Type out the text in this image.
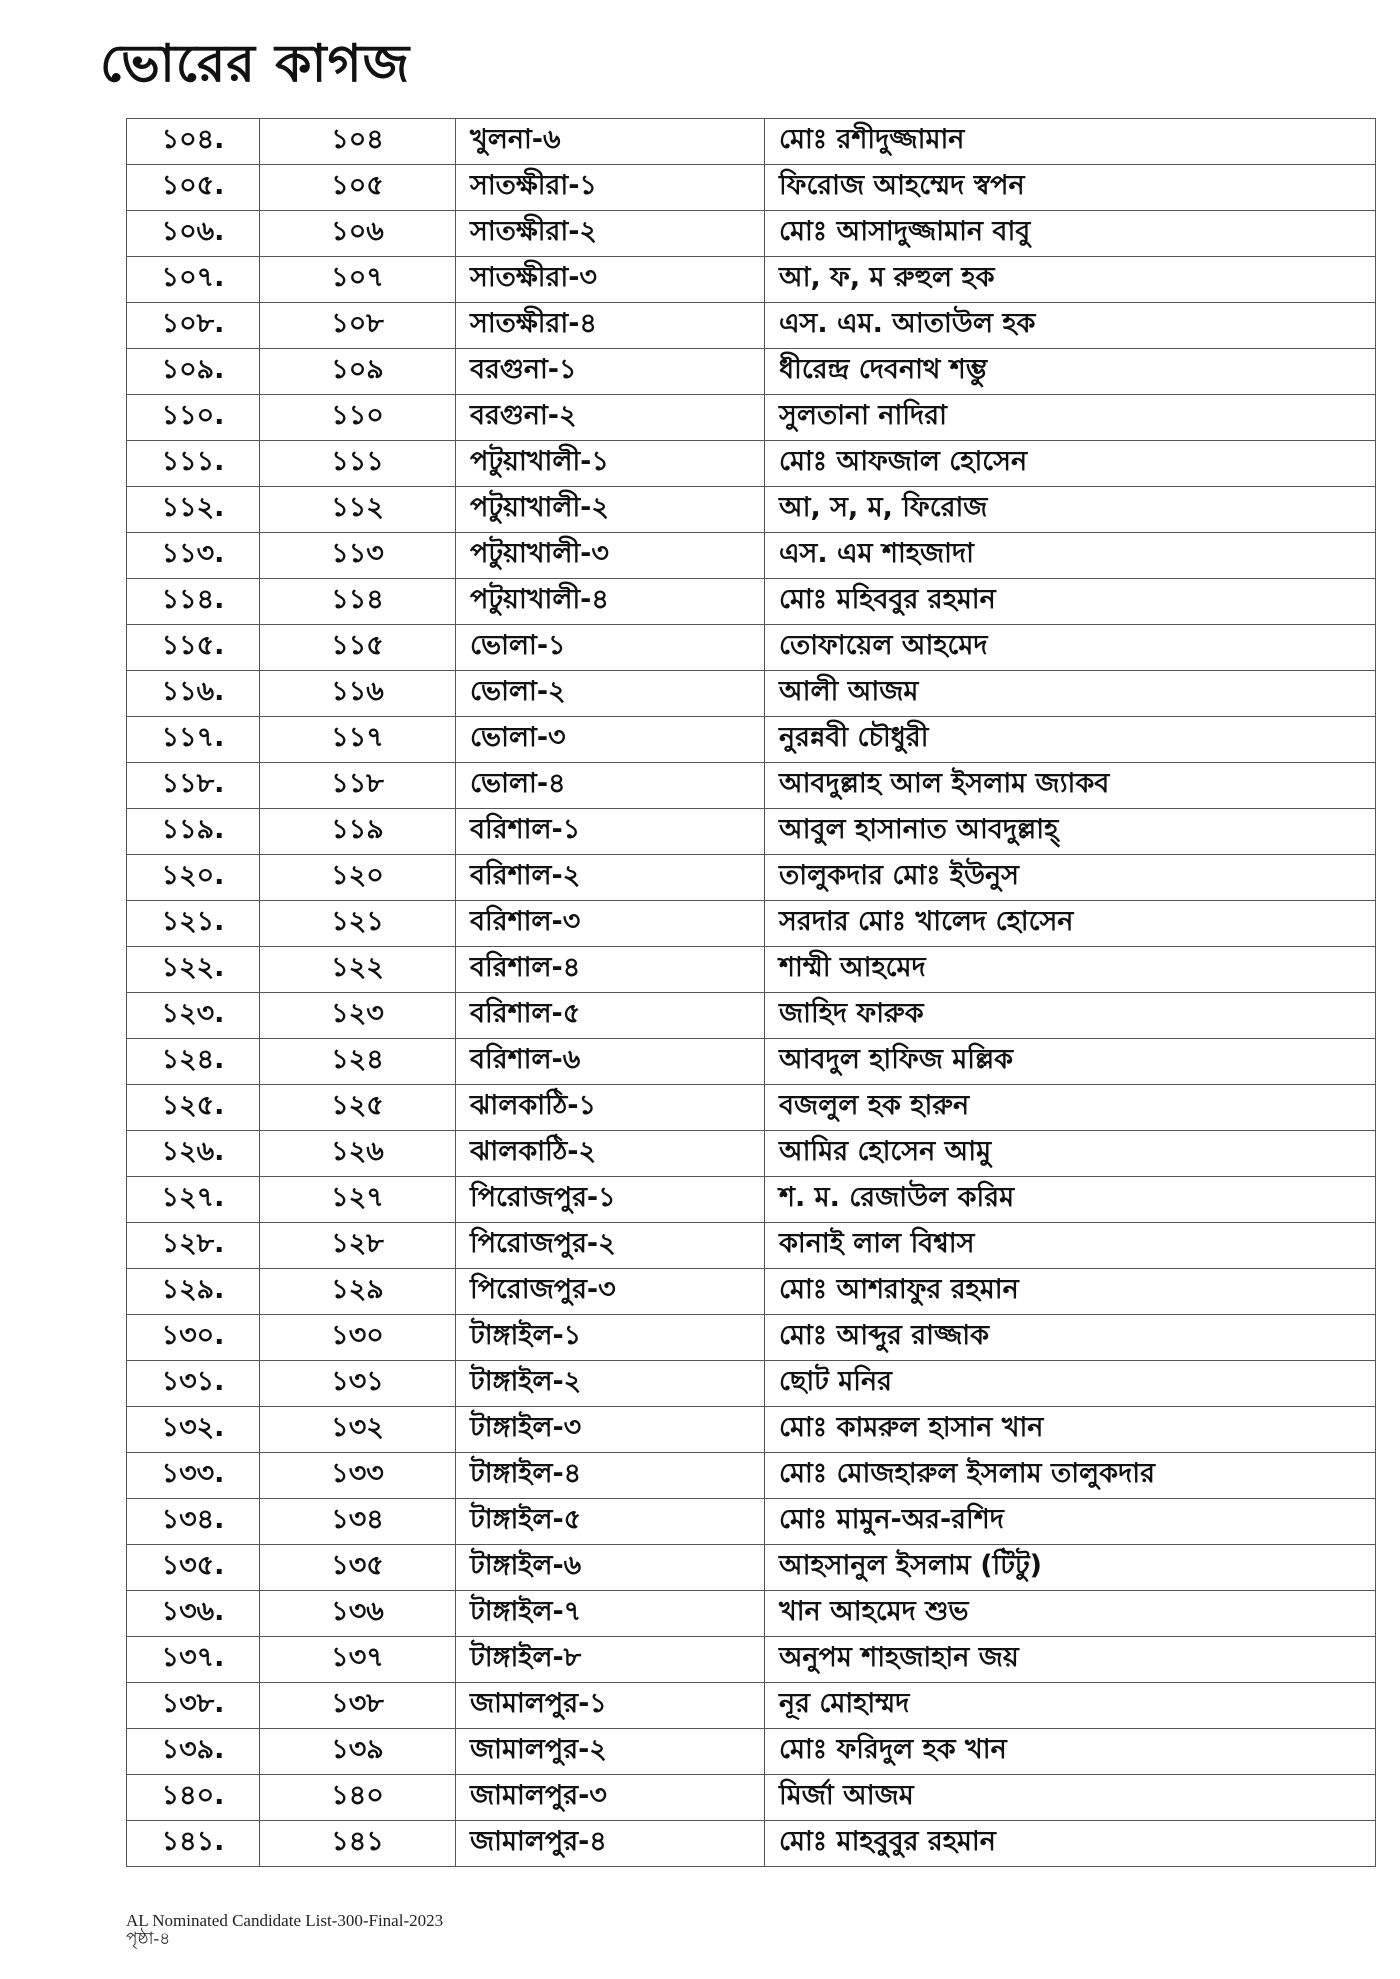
ভোরের কাগজ
১০৪.	১০৪	খুলনা-৬	মোঃ রশীদুজ্জামান
১০৫.	১০৫	সাতক্ষীরা-১	ফিরোজ আহম্মেদ স্বপন
১০৬.	১০৬	সাতক্ষীরা-২	মোঃ আসাদুজ্জামান বাবু
১০৭.	১০৭	সাতক্ষীরা-৩	আ, ফ, ম রুহুল হক
১০৮.	১০৮	সাতক্ষীরা-৪	এস. এম. আতাউল হক
১০৯.	১০৯	বরগুনা-১	ধীরেন্দ্র দেবনাথ শম্ভু
১১০.	১১০	বরগুনা-২	সুলতানা নাদিরা
১১১.	১১১	পটুয়াখালী-১	মোঃ আফজাল হোসেন
১১২.	১১২	পটুয়াখালী-২	আ, স, ম, ফিরোজ
১১৩.	১১৩	পটুয়াখালী-৩	এস. এম শাহজাদা
১১৪.	১১৪	পটুয়াখালী-৪	মোঃ মহিববুর রহমান
১১৫.	১১৫	ভোলা-১	তোফায়েল আহমেদ
১১৬.	১১৬	ভোলা-২	আলী আজম
১১৭.	১১৭	ভোলা-৩	নুরন্নবী চৌধুরী
১১৮.	১১৮	ভোলা-৪	আবদুল্লাহ আল ইসলাম জ্যাকব
১১৯.	১১৯	বরিশাল-১	আবুল হাসানাত আবদুল্লাহ্
১২০.	১২০	বরিশাল-২	তালুকদার মোঃ ইউনুস
১২১.	১২১	বরিশাল-৩	সরদার মোঃ খালেদ হোসেন
১২২.	১২২	বরিশাল-৪	শাম্মী আহমেদ
১২৩.	১২৩	বরিশাল-৫	জাহিদ ফারুক
১২৪.	১২৪	বরিশাল-৬	আবদুল হাফিজ মল্লিক
১২৫.	১২৫	ঝালকাঠি-১	বজলুল হক হারুন
১২৬.	১২৬	ঝালকাঠি-২	আমির হোসেন আমু
১২৭.	১২৭	পিরোজপুর-১	শ. ম. রেজাউল করিম
১২৮.	১২৮	পিরোজপুর-২	কানাই লাল বিশ্বাস
১২৯.	১২৯	পিরোজপুর-৩	মোঃ আশরাফুর রহমান
১৩০.	১৩০	টাঙ্গাইল-১	মোঃ আব্দুর রাজ্জাক
১৩১.	১৩১	টাঙ্গাইল-২	ছোট মনির
১৩২.	১৩২	টাঙ্গাইল-৩	মোঃ কামরুল হাসান খান
১৩৩.	১৩৩	টাঙ্গাইল-৪	মোঃ মোজহারুল ইসলাম তালুকদার
১৩৪.	১৩৪	টাঙ্গাইল-৫	মোঃ মামুন-অর-রশিদ
১৩৫.	১৩৫	টাঙ্গাইল-৬	আহসানুল ইসলাম (টিটু)
১৩৬.	১৩৬	টাঙ্গাইল-৭	খান আহমেদ শুভ
১৩৭.	১৩৭	টাঙ্গাইল-৮	অনুপম শাহজাহান জয়
১৩৮.	১৩৮	জামালপুর-১	নূর মোহাম্মদ
১৩৯.	১৩৯	জামালপুর-২	মোঃ ফরিদুল হক খান
১৪০.	১৪০	জামালপুর-৩	মির্জা আজম
১৪১.	১৪১	জামালপুর-৪	মোঃ মাহবুবুর রহমান
AL Nominated Candidate List-300-Final-2023
পৃষ্ঠা-৪
